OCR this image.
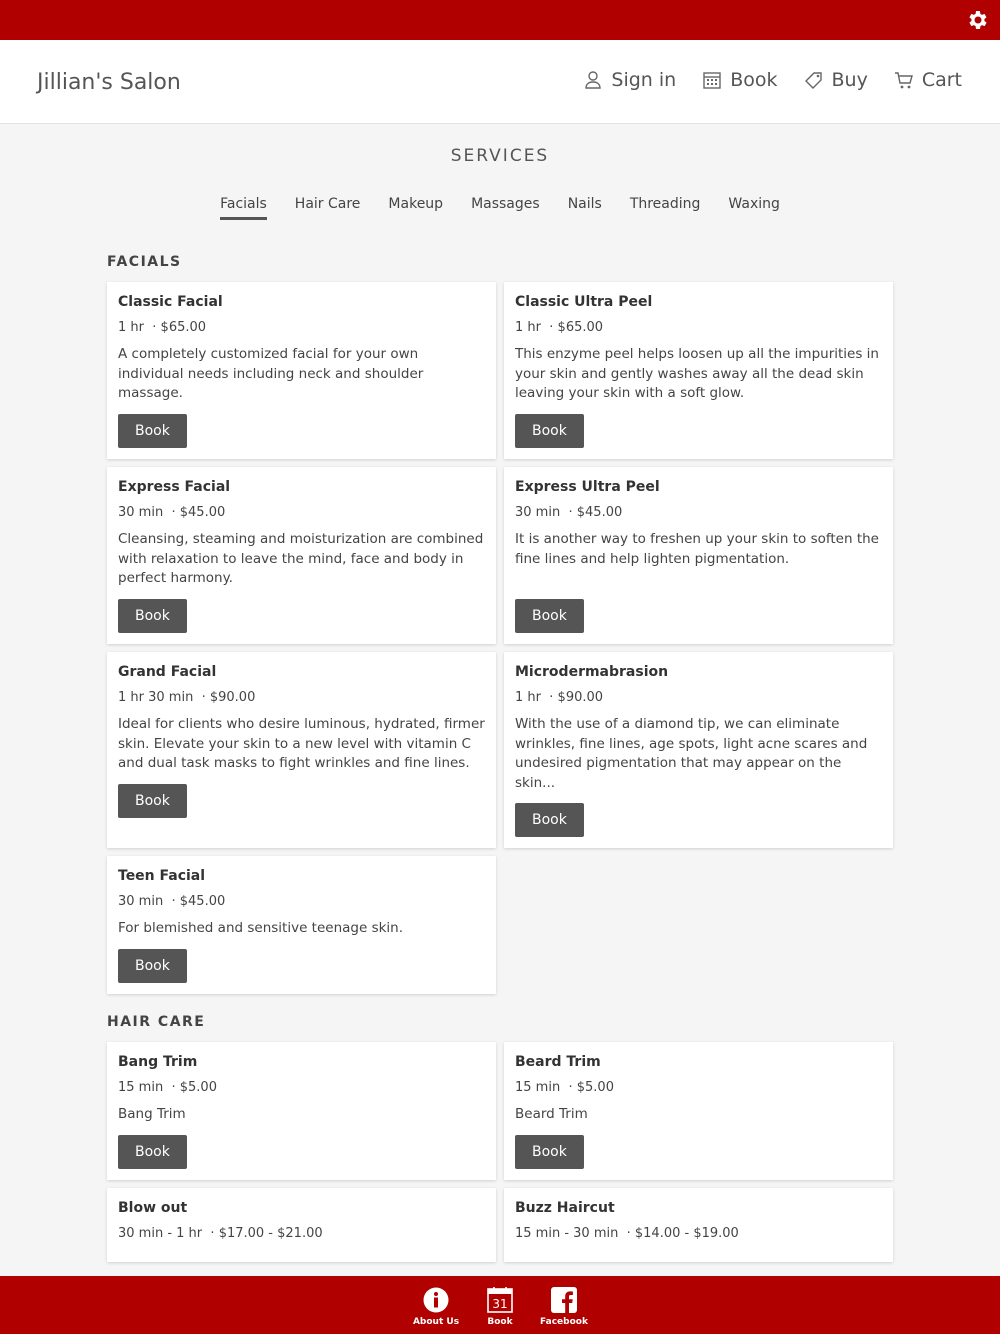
Jillian's Salon	Sign in	Book	Buy	Cart
SERVICES
Facials Hair Care Makeup Massages Nails Threading Waxing
FACIALS
Classic Facial
1 hr · $65.00
A completely customized facial for your own individual needs including neck and shoulder massage.
Book
Classic Ultra Peel
1 hr · $65.00
This enzyme peel helps loosen up all the impurities in your skin and gently washes away all the dead skin leaving your skin with a soft glow.
Book
Express Facial
30 min · $45.00
Cleansing, steaming and moisturization are combined with relaxation to leave the mind, face and body in perfect harmony.
Book
Express Ultra Peel
30 min · $45.00
It is another way to freshen up your skin to soften the fine lines and help lighten pigmentation.
Book
Grand Facial
1 hr 30 min · $90.00
Ideal for clients who desire luminous, hydrated, firmer skin. Elevate your skin to a new level with vitamin C and dual task masks to fight wrinkles and fine lines.
Book
Microdermabrasion
1 hr · $90.00
With the use of a diamond tip, we can eliminate wrinkles, fine lines, age spots, light acne scares and undesired pigmentation that may appear on the skin...
Book
Teen Facial
30 min · $45.00
For blemished and sensitive teenage skin.
Book
HAIR CARE
Bang Trim
15 min · $5.00
Bang Trim
Book
Beard Trim
15 min · $5.00
Beard Trim
Book
Blow out
30 min - 1 hr · $17.00 - $21.00
Buzz Haircut
15 min - 30 min · $14.00 - $19.00
About Us
31
Book	Facebook
